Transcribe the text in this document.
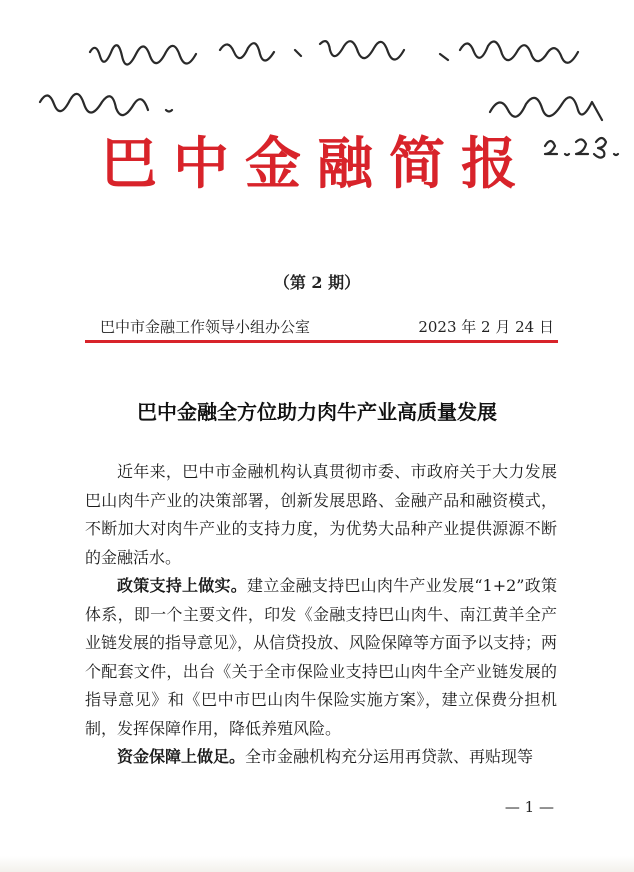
巴中金融简报
（第 2 期）
巴中市金融工作领导小组办公室	2023 年 2 月 24 日
巴中金融全方位助力肉牛产业高质量发展

近年来，巴中市金融机构认真贯彻市委、市政府关于大力发展巴山肉牛产业的决策部署，创新发展思路、金融产品和融资模式，不断加大对肉牛产业的支持力度，为优势大品种产业提供源源不断的金融活水。

政策支持上做实。建立金融支持巴山肉牛产业发展“1+2”政策体系，即一个主要文件，印发《金融支持巴山肉牛、南江黄羊全产业链发展的指导意见》，从信贷投放、风险保障等方面予以支持；两个配套文件，出台《关于全市保险业支持巴山肉牛全产业链发展的指导意见》和《巴中市巴山肉牛保险实施方案》，建立保费分担机制，发挥保障作用，降低养殖风险。

资金保障上做足。全市金融机构充分运用再贷款、再贴现等

— 1 —
